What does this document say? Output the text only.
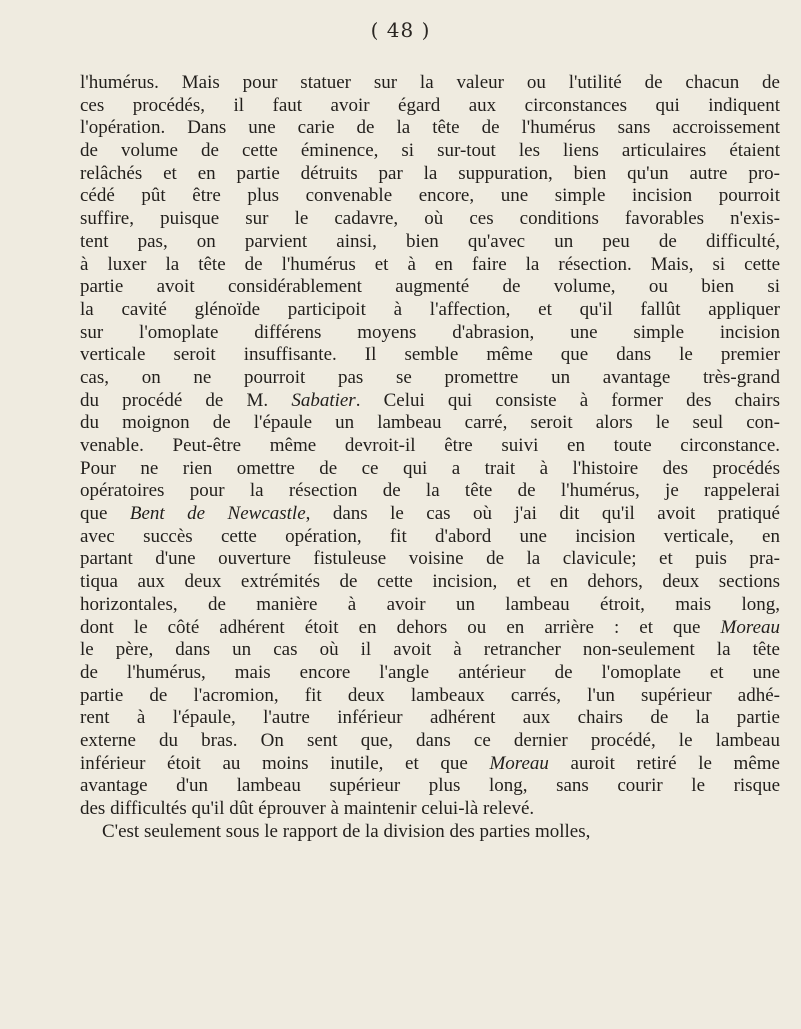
( 48 )
l'humérus. Mais pour statuer sur la valeur ou l'utilité de chacun de
ces procédés, il faut avoir égard aux circonstances qui indiquent
l'opération. Dans une carie de la tête de l'humérus sans accroissement
de volume de cette éminence, si sur-tout les liens articulaires étaient
relâchés et en partie détruits par la suppuration, bien qu'un autre pro-
cédé pût être plus convenable encore, une simple incision pourroit
suffire, puisque sur le cadavre, où ces conditions favorables n'exis-
tent pas, on parvient ainsi, bien qu'avec un peu de difficulté,
à luxer la tête de l'humérus et à en faire la résection. Mais, si cette
partie avoit considérablement augmenté de volume, ou bien si
la cavité glénoïde participoit à l'affection, et qu'il fallût appliquer
sur l'omoplate différens moyens d'abrasion, une simple incision
verticale seroit insuffisante. Il semble même que dans le premier
cas, on ne pourroit pas se promettre un avantage très-grand
du procédé de M. Sabatier. Celui qui consiste à former des chairs
du moignon de l'épaule un lambeau carré, seroit alors le seul con-
venable. Peut-être même devroit-il être suivi en toute circonstance.
Pour ne rien omettre de ce qui a trait à l'histoire des procédés
opératoires pour la résection de la tête de l'humérus, je rappelerai
que Bent de Newcastle, dans le cas où j'ai dit qu'il avoit pratiqué
avec succès cette opération, fit d'abord une incision verticale, en
partant d'une ouverture fistuleuse voisine de la clavicule; et puis pra-
tiqua aux deux extrémités de cette incision, et en dehors, deux sections
horizontales, de manière à avoir un lambeau étroit, mais long,
dont le côté adhérent étoit en dehors ou en arrière : et que Moreau
le père, dans un cas où il avoit à retrancher non-seulement la tête
de l'humérus, mais encore l'angle antérieur de l'omoplate et une
partie de l'acromion, fit deux lambeaux carrés, l'un supérieur adhé-
rent à l'épaule, l'autre inférieur adhérent aux chairs de la partie
externe du bras. On sent que, dans ce dernier procédé, le lambeau
inférieur étoit au moins inutile, et que Moreau auroit retiré le même
avantage d'un lambeau supérieur plus long, sans courir le risque
des difficultés qu'il dût éprouver à maintenir celui-là relevé.
C'est seulement sous le rapport de la division des parties molles,
